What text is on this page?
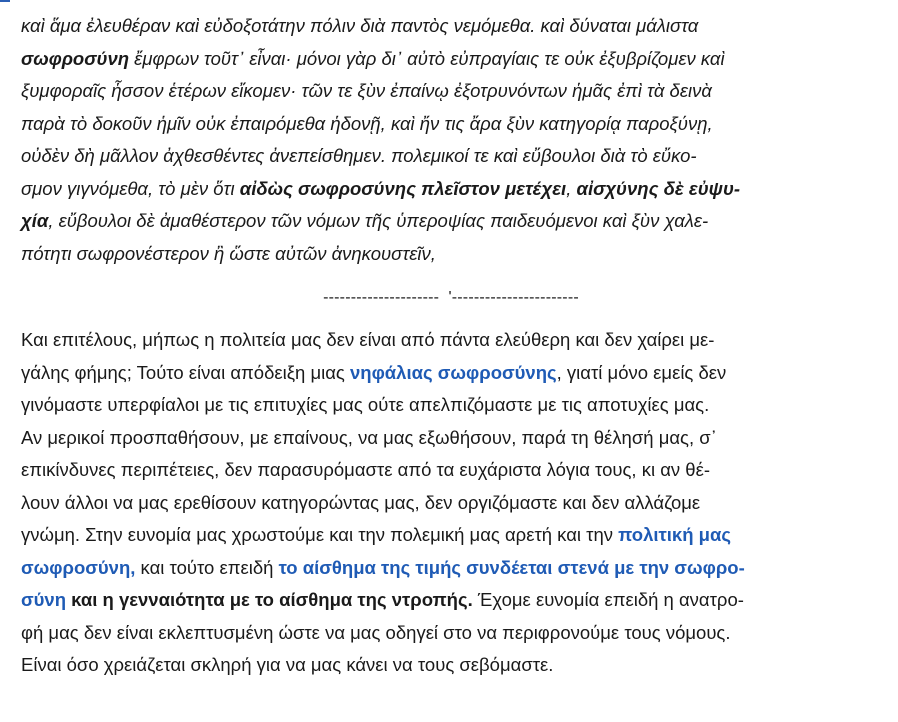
καὶ ἅμα ἐλευθέραν καὶ εὐδοξοτάτην πόλιν διὰ παντὸς νεμόμεθα. καὶ δύναται μάλιστα
σωφροσύνη ἔμφρων τοῦτ᾽ εἶναι· μόνοι γὰρ δι᾽ αὐτὸ εὐπραγίαις τε οὐκ ἐξυβρίζομεν καὶ
ξυμφοραῖς ἧσσον ἑτέρων εἴκομεν· τῶν τε ξὺν ἐπαίνῳ ἐξοτρυνόντων ἡμᾶς ἐπὶ τὰ δεινὰ
παρὰ τὸ δοκοῦν ἡμῖν οὐκ ἐπαιρόμεθα ἡδονῇ, καὶ ἤν τις ἄρα ξὺν κατηγορίᾳ παροξύνῃ,
οὐδὲν δὴ μᾶλλον ἀχθεσθέντες ἀνεπείσθημεν. πολεμικοί τε καὶ εὔβουλοι διὰ τὸ εὔκο-
σμον γιγνόμεθα, τὸ μὲν ὅτι αἰδὼς σωφροσύνης πλεῖστον μετέχει, αἰσχύνης δὲ εὐψυ-
χία, εὔβουλοι δὲ ἀμαθέστερον τῶν νόμων τῆς ὑπεροψίας παιδευόμενοι καὶ ξὺν χαλε-
πότητι σωφρονέστερον ἢ ὥστε αὐτῶν ἀνηκουστεῖν,
---------------------  '-----------------------
Και επιτέλους, μήπως η πολιτεία μας δεν είναι από πάντα ελεύθερη και δεν χαίρει με-
γάλης φήμης; Τούτο είναι απόδειξη μιας νηφάλιας σωφροσύνης, γιατί μόνο εμείς δεν
γινόμαστε υπερφίαλοι με τις επιτυχίες μας ούτε απελπιζόμαστε με τις αποτυχίες μας.
Αν μερικοί προσπαθήσουν, με επαίνους, να μας εξωθήσουν, παρά τη θέλησή μας, σ᾽
επικίνδυνες περιπέτειες, δεν παρασυρόμαστε από τα ευχάριστα λόγια τους, κι αν θέ-
λουν άλλοι να μας ερεθίσουν κατηγορώντας μας, δεν οργιζόμαστε και δεν αλλάζομε
γνώμη. Στην ευνομία μας χρωστούμε και την πολεμική μας αρετή και την πολιτική μας
σωφροσύνη, και τούτο επειδή το αίσθημα της τιμής συνδέεται στενά με την σωφρο-
σύνη και η γενναιότητα με το αίσθημα της ντροπής. Έχομε ευνομία επειδή η ανατρο-
φή μας δεν είναι εκλεπτυσμένη ώστε να μας οδηγεί στο να περιφρονούμε τους νόμους.
Είναι όσο χρειάζεται σκληρή για να μας κάνει να τους σεβόμαστε.
